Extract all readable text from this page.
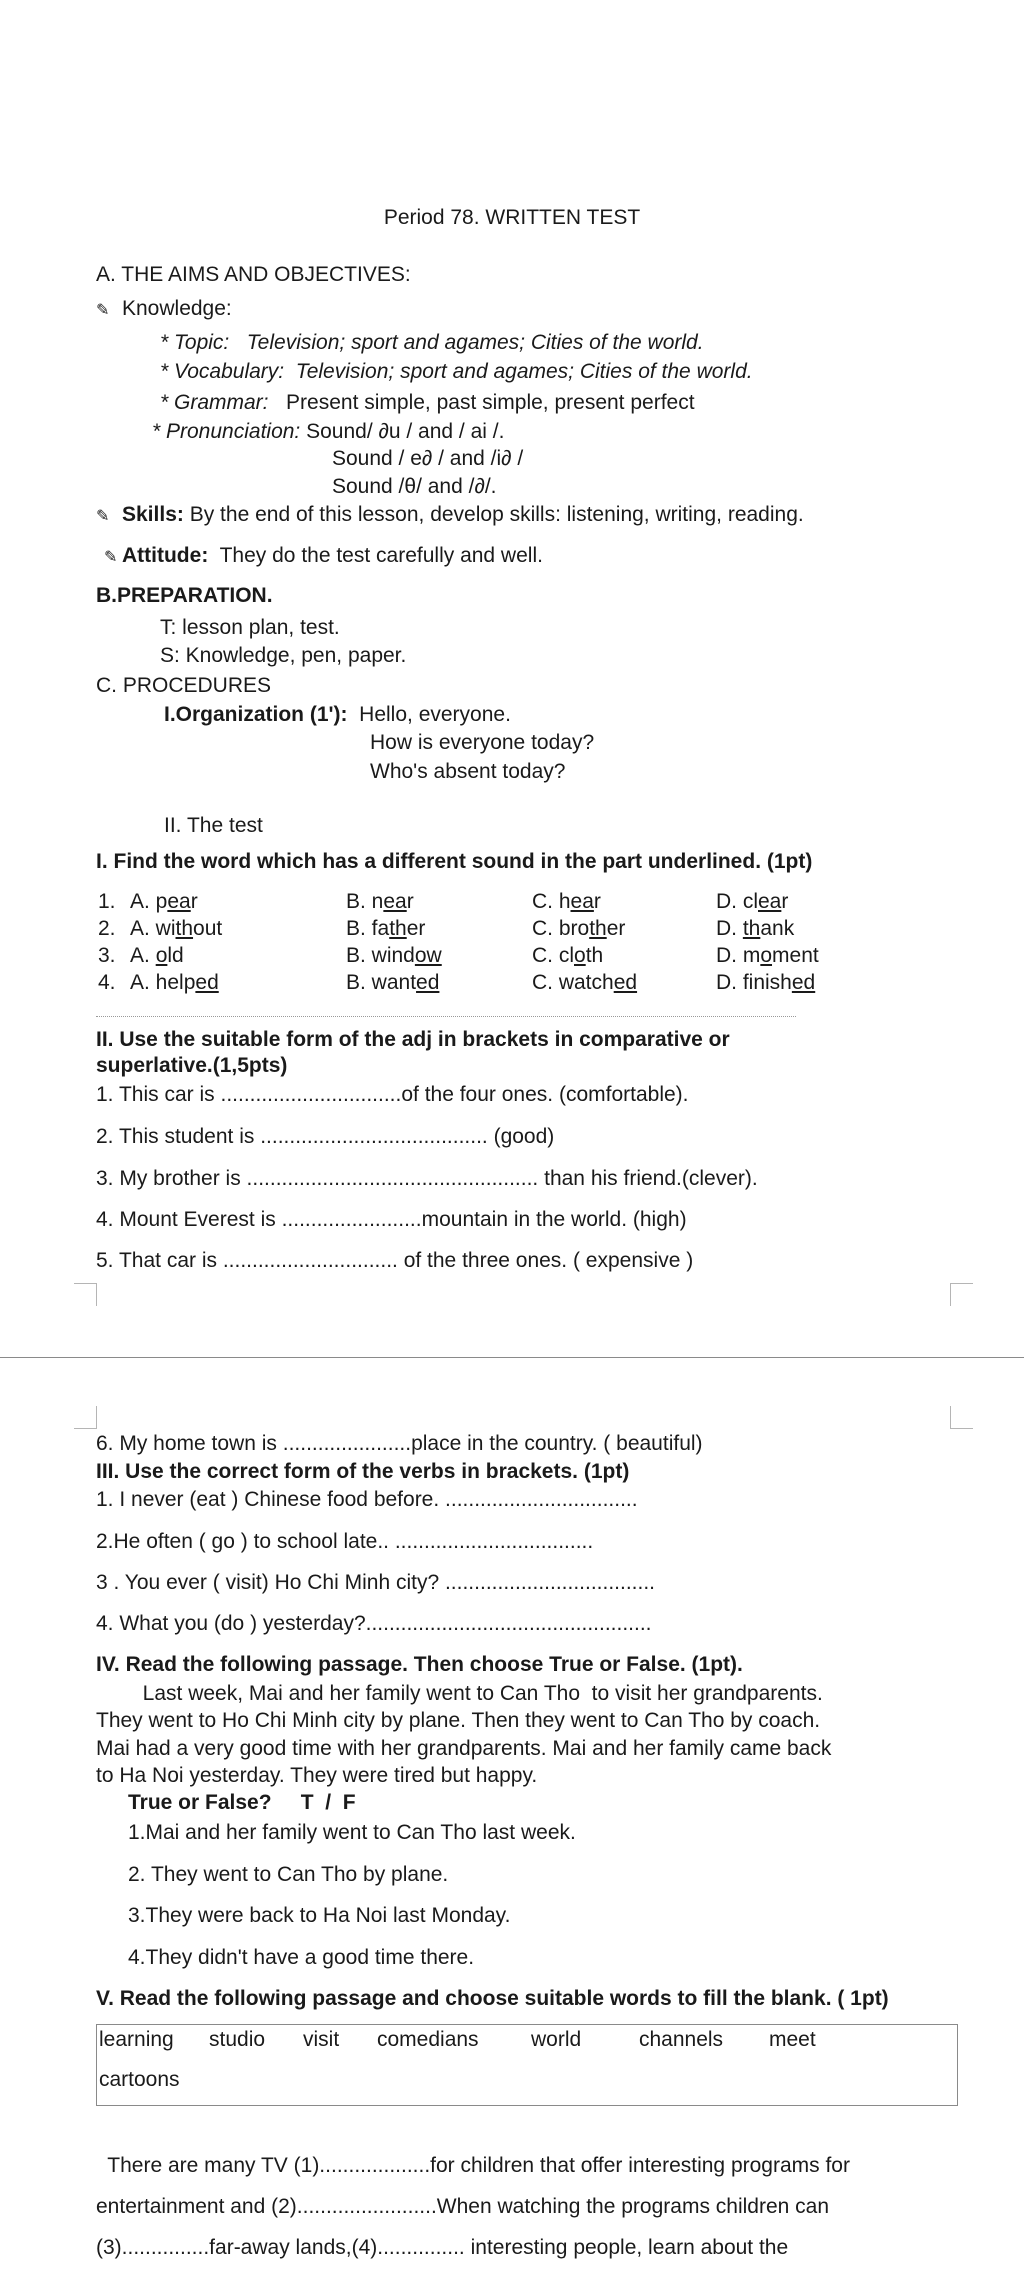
Period 78. WRITTEN TEST
A. THE AIMS AND OBJECTIVES:
✎ Knowledge:
* Topic: Television; sport and agames; Cities of the world.
* Vocabulary: Television; sport and agames; Cities of the world.
* Grammar: Present simple, past simple, present perfect
* Pronunciation: Sound/ ∂u / and / ai /.
Sound / e∂ / and /i∂ /
Sound /θ/ and /∂/.
✎ Skills: By the end of this lesson, develop skills: listening, writing, reading.
✎ Attitude: They do the test carefully and well.
B.PREPARATION.
T: lesson plan, test.
S: Knowledge, pen, paper.
C. PROCEDURES
I.Organization (1'): Hello, everyone.
How is everyone today?
Who's absent today?
II. The test
I. Find the word which has a different sound in the part underlined. (1pt)
1. A. pear	B. near	C. hear	D. clear
2. A. without	B. father	C. brother	D. thank
3. A. old	B. window	C. cloth	D. moment
4. A. helped	B. wanted	C. watched	D. finished
II. Use the suitable form of the adj in brackets in comparative or
superlative.(1,5pts)
1. This car is ...............................of the four ones. (comfortable).
2. This student is ....................................... (good)
3. My brother is .................................................. than his friend.(clever).
4. Mount Everest is ........................mountain in the world. (high)
5. That car is .............................. of the three ones. ( expensive )
6. My home town is ......................place in the country. ( beautiful)
III. Use the correct form of the verbs in brackets. (1pt)
1. I never (eat ) Chinese food before. .................................
2.He often ( go ) to school late.. ..................................
3 . You ever ( visit) Ho Chi Minh city? ....................................
4. What you (do ) yesterday?.................................................
IV. Read the following passage. Then choose True or False. (1pt).
Last week, Mai and her family went to Can Tho  to visit her grandparents.
They went to Ho Chi Minh city by plane. Then they went to Can Tho by coach.
Mai had a very good time with her grandparents. Mai and her family came back
to Ha Noi yesterday. They were tired but happy.
True or False?     T  /  F
1.Mai and her family went to Can Tho last week.
2. They went to Can Tho by plane.
3.They were back to Ha Noi last Monday.
4.They didn't have a good time there.
V. Read the following passage and choose suitable words to fill the blank. ( 1pt)
learning studio visit comedians world	channels meet
cartoons
There are many TV (1)...................for children that offer interesting programs for
entertainment and (2)........................When watching the programs children can
(3)...............far-away lands,(4)............... interesting people, learn about the
